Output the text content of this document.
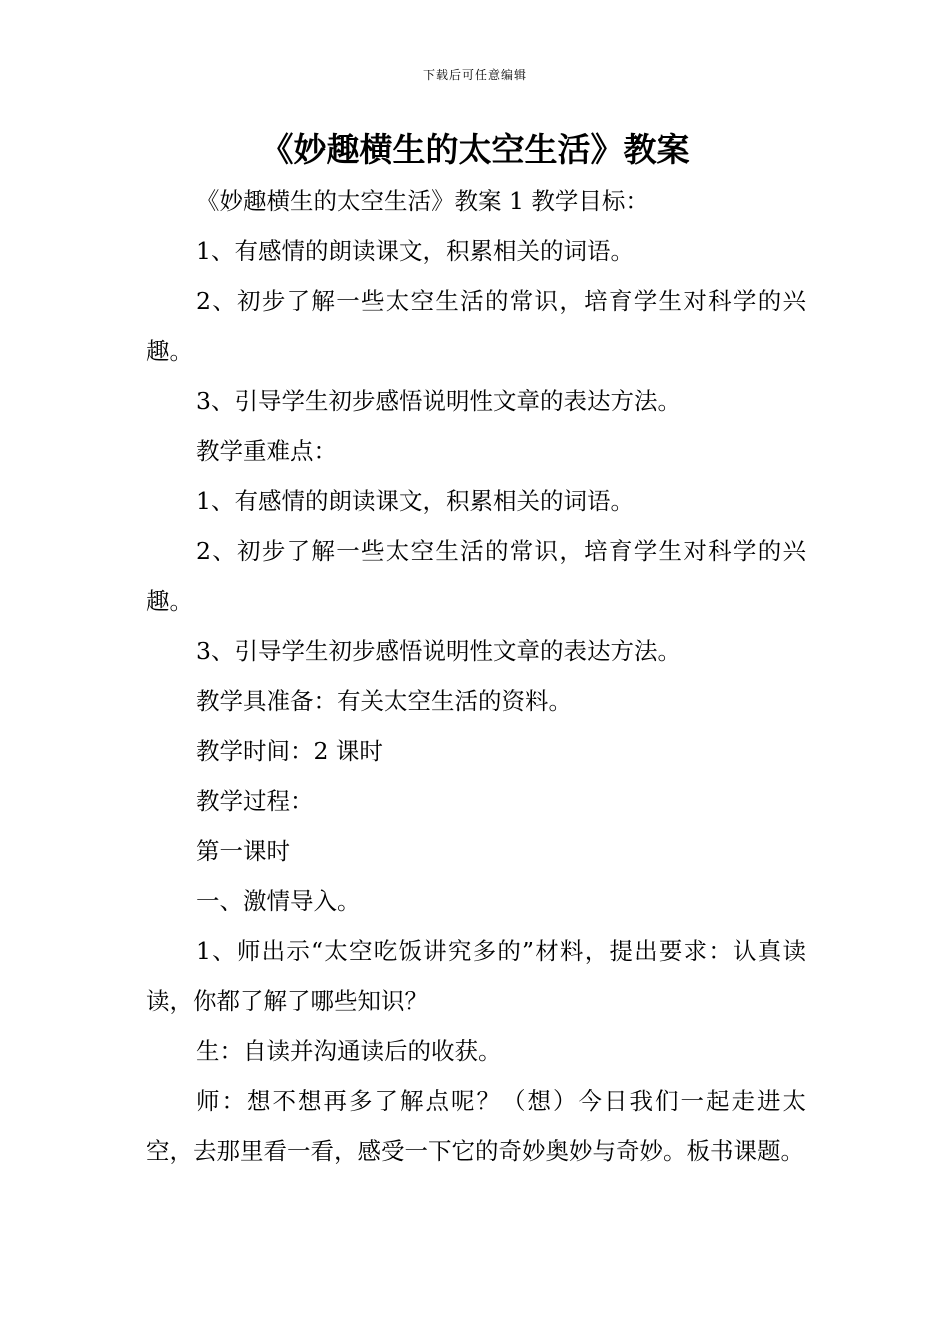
下载后可任意编辑
《妙趣横生的太空生活》教案

《妙趣横生的太空生活》教案 1 教学目标：

1、有感情的朗读课文，积累相关的词语。

2、初步了解一些太空生活的常识，培育学生对科学的兴趣。

3、引导学生初步感悟说明性文章的表达方法。

教学重难点：

1、有感情的朗读课文，积累相关的词语。

2、初步了解一些太空生活的常识，培育学生对科学的兴趣。

3、引导学生初步感悟说明性文章的表达方法。

教学具准备：有关太空生活的资料。

教学时间：2 课时

教学过程：

第一课时

一、激情导入。

1、师出示“太空吃饭讲究多的”材料，提出要求：认真读读，你都了解了哪些知识？

生：自读并沟通读后的收获。

师：想不想再多了解点呢？（想）今日我们一起走进太空，去那里看一看，感受一下它的奇妙奥妙与奇妙。板书课题。
